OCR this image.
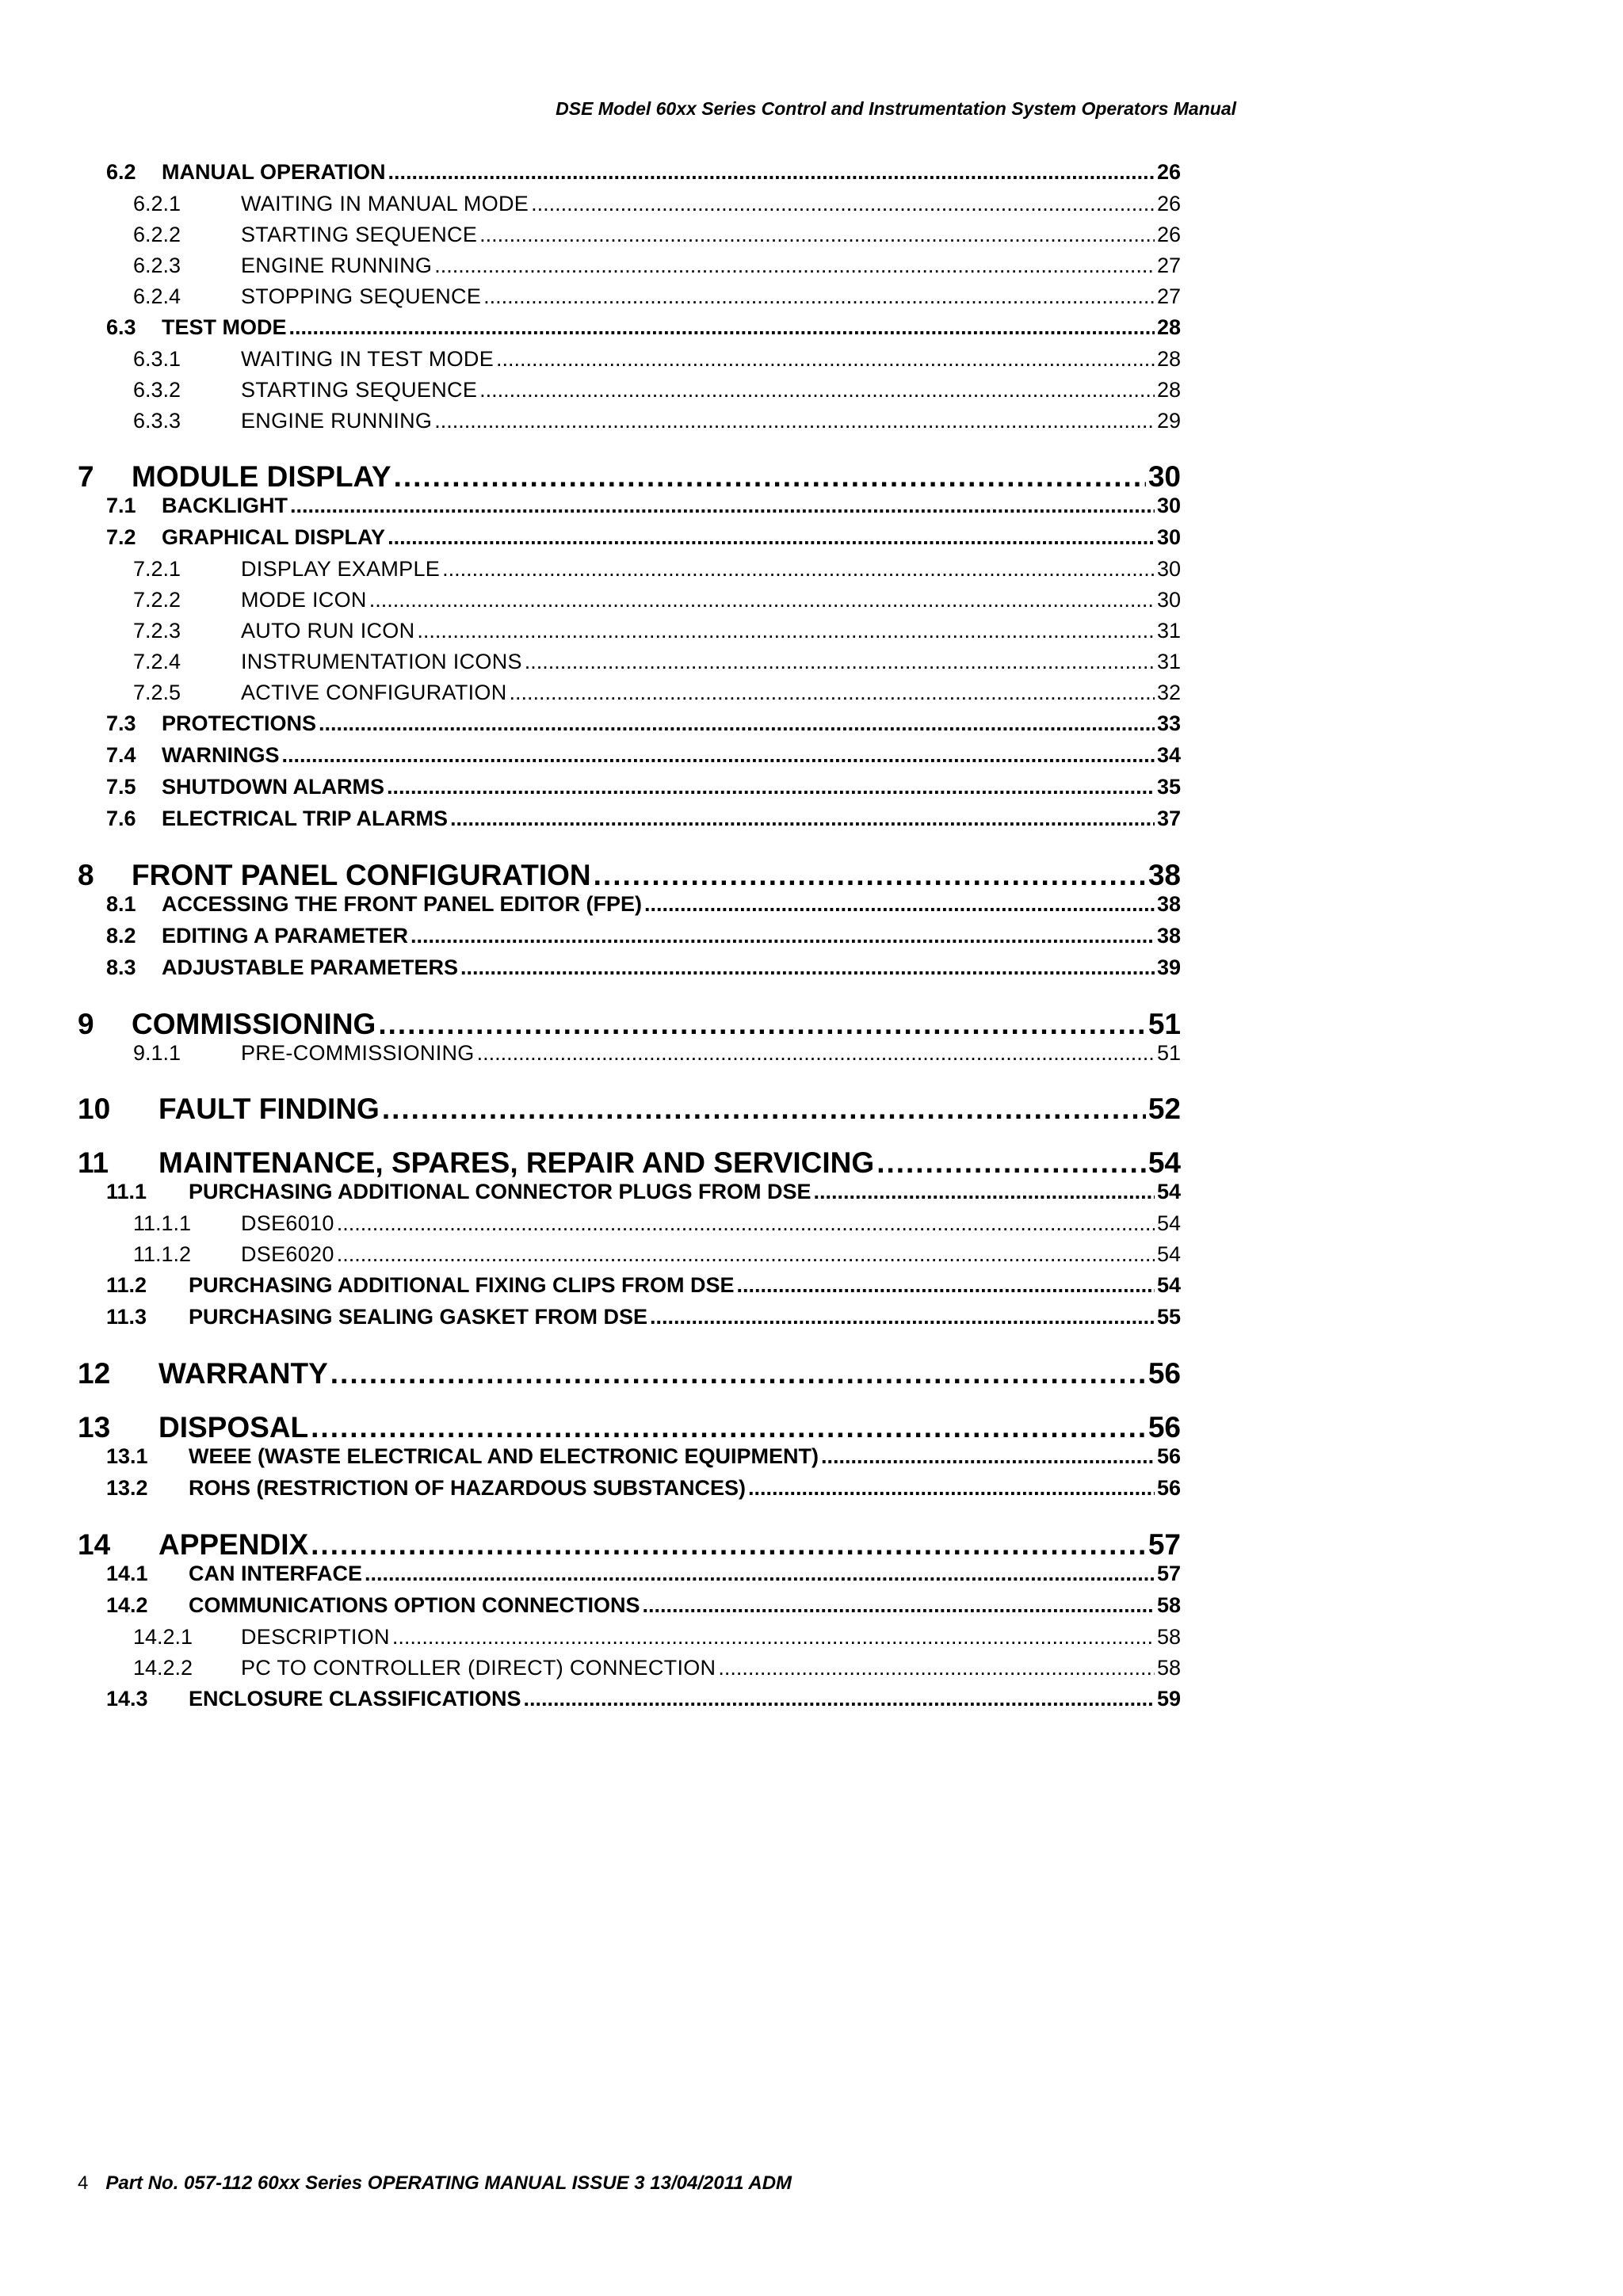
DSE Model 60xx Series Control and Instrumentation System Operators Manual
6.2	MANUAL OPERATION .....	26
6.2.1	WAITING IN MANUAL MODE .....	26
6.2.2	STARTING SEQUENCE .....	26
6.2.3	ENGINE RUNNING .....	27
6.2.4	STOPPING SEQUENCE .....	27
6.3	TEST MODE .....	28
6.3.1	WAITING IN TEST MODE .....	28
6.3.2	STARTING SEQUENCE .....	28
6.3.3	ENGINE RUNNING .....	29
7	MODULE DISPLAY .....	30
7.1	BACKLIGHT .....	30
7.2	GRAPHICAL DISPLAY .....	30
7.2.1	DISPLAY EXAMPLE .....	30
7.2.2	MODE ICON .....	30
7.2.3	AUTO RUN ICON .....	31
7.2.4	INSTRUMENTATION ICONS .....	31
7.2.5	ACTIVE CONFIGURATION .....	32
7.3	PROTECTIONS .....	33
7.4	WARNINGS .....	34
7.5	SHUTDOWN ALARMS .....	35
7.6	ELECTRICAL TRIP ALARMS .....	37
8	FRONT PANEL CONFIGURATION .....	38
8.1	ACCESSING THE FRONT PANEL EDITOR (FPE) .....	38
8.2	EDITING A PARAMETER .....	38
8.3	ADJUSTABLE PARAMETERS .....	39
9	COMMISSIONING .....	51
9.1.1	PRE-COMMISSIONING .....	51
10	FAULT FINDING .....	52
11	MAINTENANCE, SPARES, REPAIR AND SERVICING .....	54
11.1	PURCHASING ADDITIONAL CONNECTOR PLUGS FROM DSE .....	54
11.1.1	DSE6010 .....	54
11.1.2	DSE6020 .....	54
11.2	PURCHASING ADDITIONAL FIXING CLIPS FROM DSE .....	54
11.3	PURCHASING SEALING GASKET FROM DSE .....	55
12	WARRANTY .....	56
13	DISPOSAL .....	56
13.1	WEEE (WASTE ELECTRICAL AND ELECTRONIC EQUIPMENT) .....	56
13.2	ROHS (RESTRICTION OF HAZARDOUS SUBSTANCES) .....	56
14	APPENDIX .....	57
14.1	CAN INTERFACE .....	57
14.2	COMMUNICATIONS OPTION CONNECTIONS .....	58
14.2.1	DESCRIPTION .....	58
14.2.2	PC TO CONTROLLER (DIRECT) CONNECTION .....	58
14.3	ENCLOSURE CLASSIFICATIONS .....	59
4 Part No. 057-112 60xx Series OPERATING MANUAL ISSUE 3 13/04/2011 ADM
